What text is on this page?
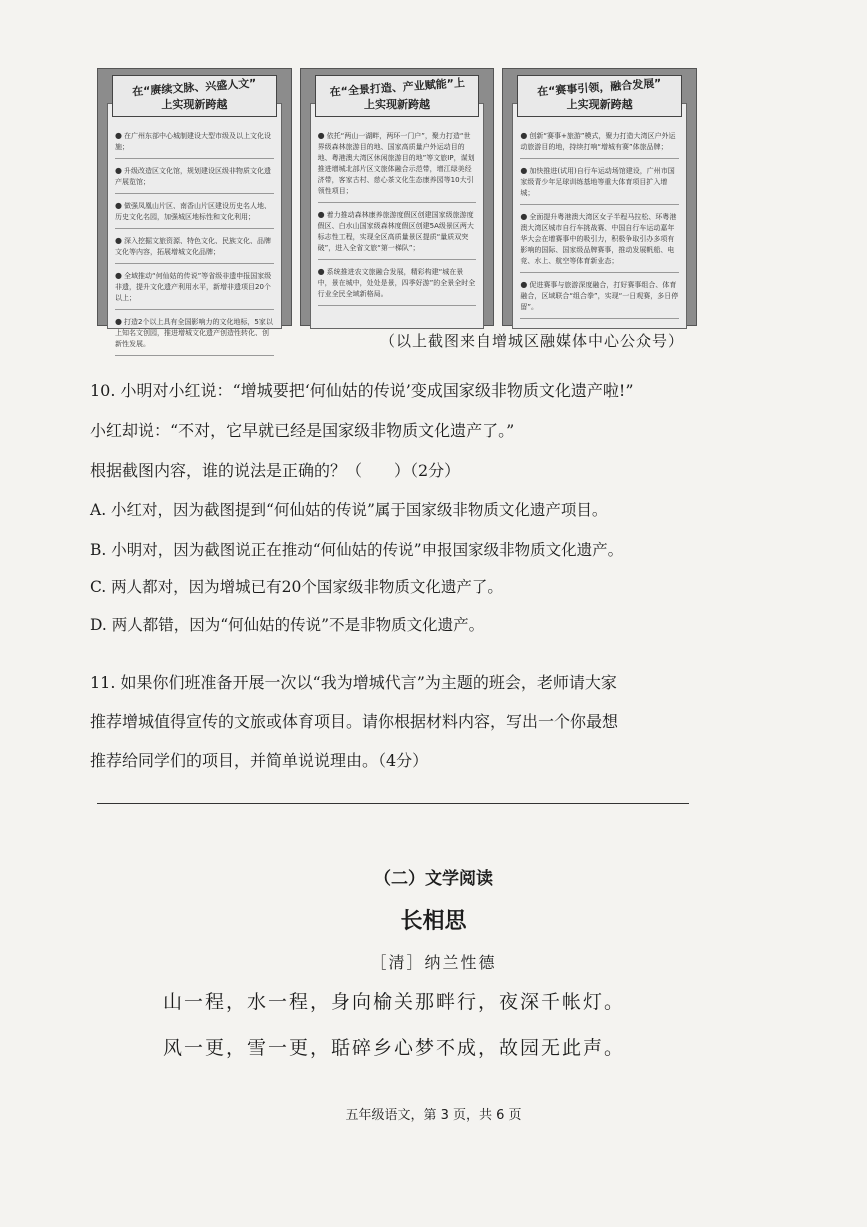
在“赓续文脉、兴盛人文”
上实现新跨越
● 在广州东部中心城制建设大型市级及以上文化设施；
● 升级改造区文化馆，规划建设区级非物质文化遗产展览馆；
● 做强凤凰山片区、南香山片区建设历史名人地、历史文化名园，加强城区地标性和文化利用；
● 深入挖掘文旅资源、特色文化、民族文化、品牌文化等内容，拓展增城文化品牌；
● 全域推动“何仙姑的传说”等省级非遗申报国家级非遗，提升文化遗产利用水平，新增非遗项目20个以上；
● 打造2个以上具有全国影响力的文化地标，5家以上知名文创园，推进增城文化遗产创造性转化、创新性发展。
在“全景打造、产业赋能”上
上实现新跨越
● 依托“两山一湖畔，两环一门户”，聚力打造“世界级森林旅游目的地、国家高质量户外运动目的地、粤港澳大湾区休闲旅游目的地”等文旅IP，谋划推进增城北部片区文旅体融合示范带，增江绿美经济带，客家古村、慈心茶文化生态康养园等10大引领性项目；
● 着力推动森林康养旅游度假区创建国家级旅游度假区、白水山国家级森林度假区创建5A级景区两大标志性工程，实现全区高质量景区提质“量质双突破”，进入全省文旅“第一梯队”；
● 系统推进农文旅融合发展，精彩构建“城在景中，景在城中，处处是景，四季好游”的全景全时全行业全民全域新格局。
在“赛事引领，融合发展”
上实现新跨越
● 创新“赛事+旅游”模式，聚力打造大湾区户外运动旅游目的地，持续打响“增城有赛”体旅品牌；
● 加快推进(试用)自行车运动场馆建设，广州市国家级青少年足球训练基地等重大体育项目扩入增城；
● 全面提升粤港澳大湾区女子半程马拉松、环粤港澳大湾区城市自行车挑战赛、中国自行车运动嘉年华大会在增赛事中的吸引力，积极争取引办多项有影响的国际、国家级品牌赛事，推动发展帆船、电竞、水上、航空等体育新业态；
● 促进赛事与旅游深度融合，打好赛事组合、体育融合，区域联合“组合拳”，实现“一日观赛，多日停留”。
（以上截图来自增城区融媒体中心公众号）
10. 小明对小红说：“增城要把‘何仙姑的传说’变成国家级非物质文化遗产啦!”
小红却说：“不对，它早就已经是国家级非物质文化遗产了。”
根据截图内容，谁的说法是正确的？（　　）（2分）
A. 小红对，因为截图提到“何仙姑的传说”属于国家级非物质文化遗产项目。
B. 小明对，因为截图说正在推动“何仙姑的传说”申报国家级非物质文化遗产。
C. 两人都对，因为增城已有20个国家级非物质文化遗产了。
D. 两人都错，因为“何仙姑的传说”不是非物质文化遗产。
11. 如果你们班准备开展一次以“我为增城代言”为主题的班会，老师请大家
推荐增城值得宣传的文旅或体育项目。请你根据材料内容，写出一个你最想
推荐给同学们的项目，并简单说说理由。（4分）
（二）文学阅读
长相思
［清］纳兰性德
山一程，水一程，身向榆关那畔行，夜深千帐灯。
风一更，雪一更，聒碎乡心梦不成，故园无此声。
五年级语文，第 3 页，共 6 页
